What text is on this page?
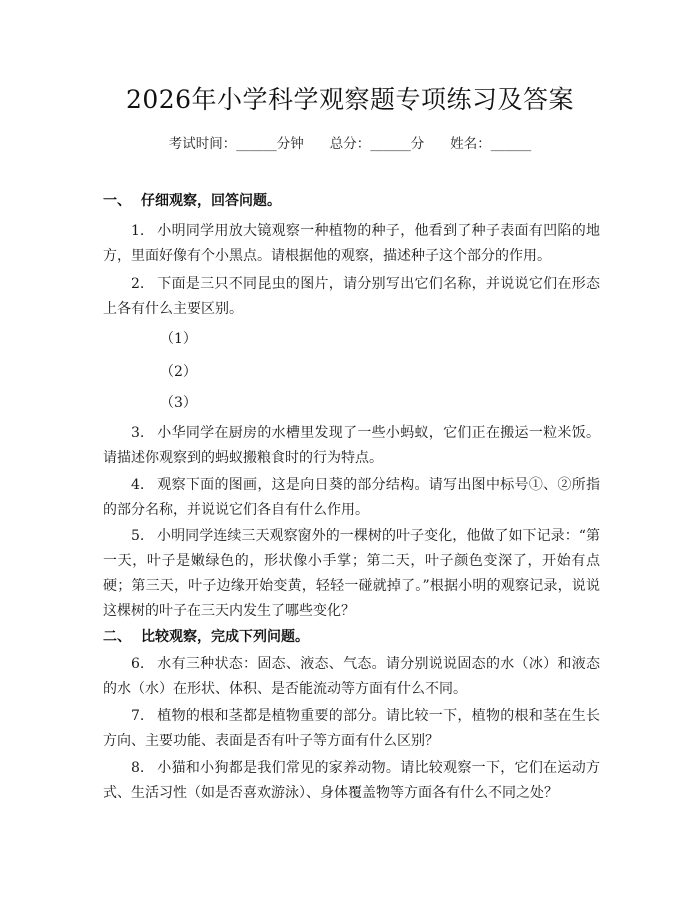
2026年小学科学观察题专项练习及答案
考试时间：______分钟 总分：______分 姓名：______
一、 仔细观察，回答问题。
1. 小明同学用放大镜观察一种植物的种子，他看到了种子表面有凹陷的地方，里面好像有个小黑点。请根据他的观察，描述种子这个部分的作用。
2. 下面是三只不同昆虫的图片，请分别写出它们名称，并说说它们在形态上各有什么主要区别。
（1）
（2）
（3）
3. 小华同学在厨房的水槽里发现了一些小蚂蚁，它们正在搬运一粒米饭。请描述你观察到的蚂蚁搬粮食时的行为特点。
4. 观察下面的图画，这是向日葵的部分结构。请写出图中标号①、②所指的部分名称，并说说它们各自有什么作用。
5. 小明同学连续三天观察窗外的一棵树的叶子变化，他做了如下记录：“第一天，叶子是嫩绿色的，形状像小手掌；第二天，叶子颜色变深了，开始有点硬；第三天，叶子边缘开始变黄，轻轻一碰就掉了。”根据小明的观察记录，说说这棵树的叶子在三天内发生了哪些变化？
二、 比较观察，完成下列问题。
6. 水有三种状态：固态、液态、气态。请分别说说固态的水（冰）和液态的水（水）在形状、体积、是否能流动等方面有什么不同。
7. 植物的根和茎都是植物重要的部分。请比较一下，植物的根和茎在生长方向、主要功能、表面是否有叶子等方面有什么区别？
8. 小猫和小狗都是我们常见的家养动物。请比较观察一下，它们在运动方式、生活习性（如是否喜欢游泳）、身体覆盖物等方面各有什么不同之处？
